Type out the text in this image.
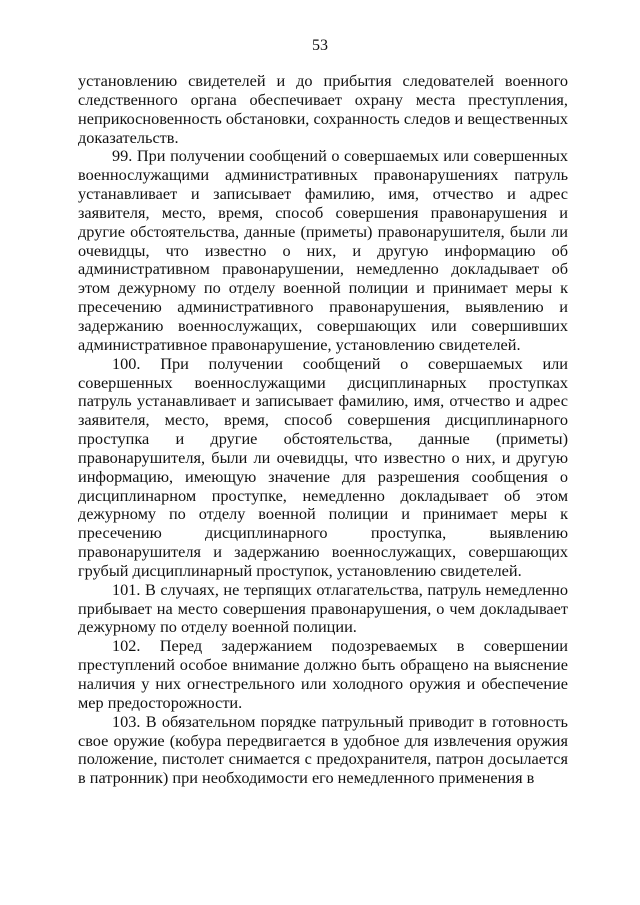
53

установлению свидетелей и до прибытия следователей военного следственного органа обеспечивает охрану места преступления, неприкосновенность обстановки, сохранность следов и вещественных доказательств.

99. При получении сообщений о совершаемых или совершенных военнослужащими административных правонарушениях патруль устанавливает и записывает фамилию, имя, отчество и адрес заявителя, место, время, способ совершения правонарушения и другие обстоятельства, данные (приметы) правонарушителя, были ли очевидцы, что известно о них, и другую информацию об административном правонарушении, немедленно докладывает об этом дежурному по отделу военной полиции и принимает меры к пресечению административного правонарушения, выявлению и задержанию военнослужащих, совершающих или совершивших административное правонарушение, установлению свидетелей.

100. При получении сообщений о совершаемых или совершенных военнослужащими дисциплинарных проступках патруль устанавливает и записывает фамилию, имя, отчество и адрес заявителя, место, время, способ совершения дисциплинарного проступка и другие обстоятельства, данные (приметы) правонарушителя, были ли очевидцы, что известно о них, и другую информацию, имеющую значение для разрешения сообщения о дисциплинарном проступке, немедленно докладывает об этом дежурному по отделу военной полиции и принимает меры к пресечению дисциплинарного проступка, выявлению правонарушителя и задержанию военнослужащих, совершающих грубый дисциплинарный проступок, установлению свидетелей.

101. В случаях, не терпящих отлагательства, патруль немедленно прибывает на место совершения правонарушения, о чем докладывает дежурному по отделу военной полиции.

102. Перед задержанием подозреваемых в совершении преступлений особое внимание должно быть обращено на выяснение наличия у них огнестрельного или холодного оружия и обеспечение мер предосторожности.

103. В обязательном порядке патрульный приводит в готовность свое оружие (кобура передвигается в удобное для извлечения оружия положение, пистолет снимается с предохранителя, патрон досылается в патронник) при необходимости его немедленного применения в
